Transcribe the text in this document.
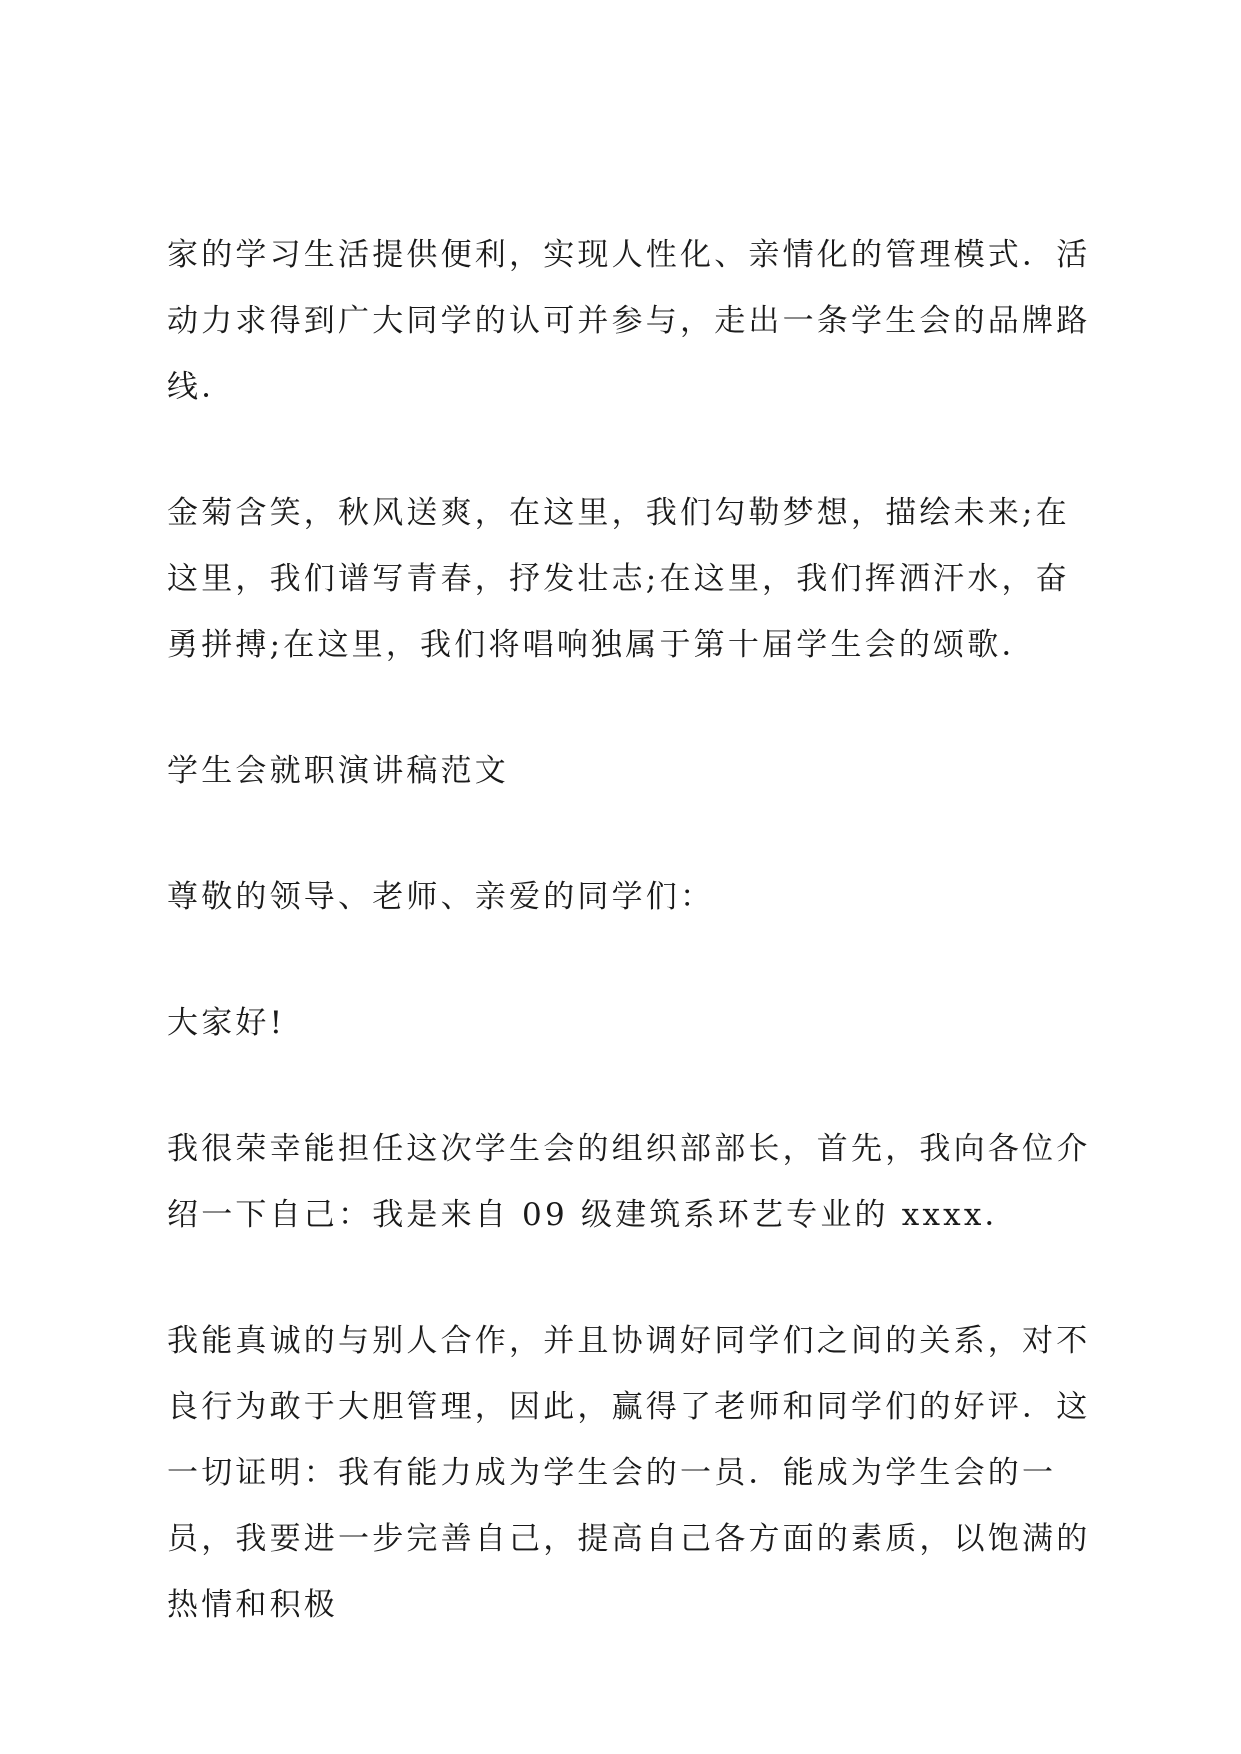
家的学习生活提供便利，实现人性化、亲情化的管理模式．活动力求得到广大同学的认可并参与，走出一条学生会的品牌路线．

金菊含笑，秋风送爽，在这里，我们勾勒梦想，描绘未来;在这里，我们谱写青春，抒发壮志;在这里，我们挥洒汗水，奋勇拼搏;在这里，我们将唱响独属于第十届学生会的颂歌．

学生会就职演讲稿范文

尊敬的领导、老师、亲爱的同学们：

大家好!

我很荣幸能担任这次学生会的组织部部长，首先，我向各位介绍一下自己：我是来自 09 级建筑系环艺专业的 xxxx．

我能真诚的与别人合作，并且协调好同学们之间的关系，对不良行为敢于大胆管理，因此，赢得了老师和同学们的好评．这一切证明：我有能力成为学生会的一员．能成为学生会的一员，我要进一步完善自己，提高自己各方面的素质，以饱满的热情和积极
